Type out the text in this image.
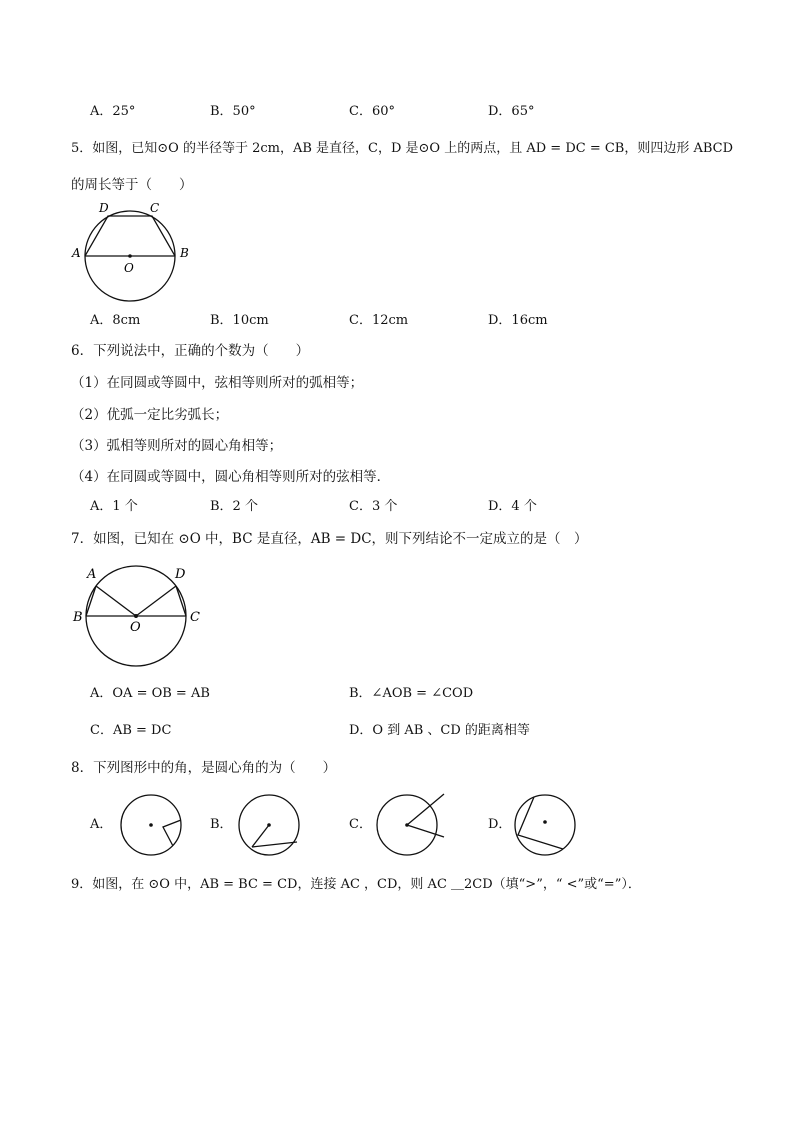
A．25°	B．50°	C．60°	D．65°
5．如图，已知⊙O 的半径等于 2cm，AB 是直径，C，D 是⊙O 上的两点，且 AD = DC = CB，则四边形 ABCD
的周长等于（　　）
A	B
D	C
O
A．8cm	B．10cm	C．12cm	D．16cm
6．下列说法中，正确的个数为（　　）
（1）在同圆或等圆中，弦相等则所对的弧相等；
（2）优弧一定比劣弧长；
（3）弧相等则所对的圆心角相等；
（4）在同圆或等圆中，圆心角相等则所对的弦相等．
A．1 个	B．2 个	C．3 个	D．4 个
7．如图，已知在 ⊙O 中，BC 是直径，AB = DC，则下列结论不一定成立的是（　）
A	D
B	C
O
A．OA = OB = AB	B．∠AOB = ∠COD
C．AB = DC	D．O 到 AB 、CD 的距离相等
8．下列图形中的角，是圆心角的为（　　）
A．	B．	C．	D．
9．如图，在 ⊙O 中，AB = BC = CD，连接 AC ，CD，则 AC ＿2CD（填“>”，“ <”或“=”）．
